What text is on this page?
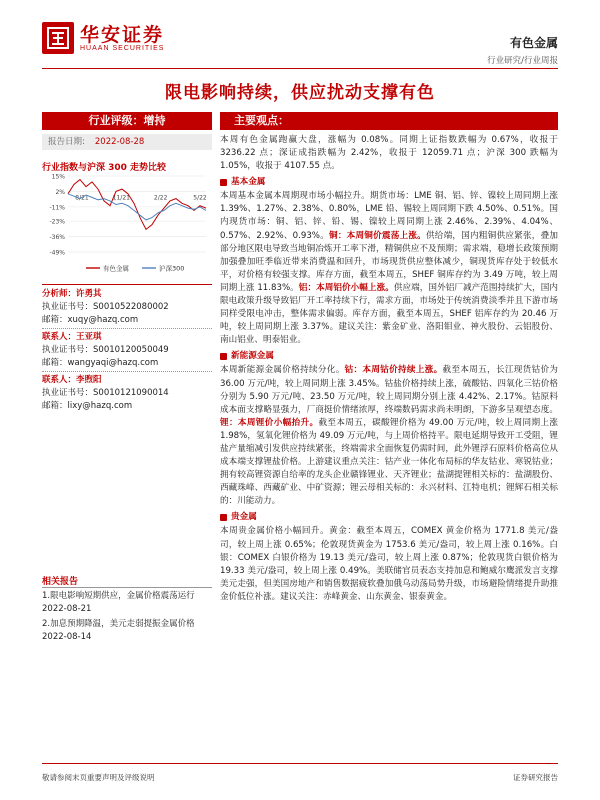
华安证券
HUAAN SECURITIES	有色金属
行业研究/行业周报
限电影响持续，供应扰动支撑有色
行业评级：增持
报告日期: 2022-08-28
行业指数与沪深 300 走势比较
15%
2%
-11%
-23%
-36%
-49%
8/21	11/21	2/22	5/22
有色金属	沪深300
分析师：许勇其
执业证书号：S0010522080002
邮箱：xuqy@hazq.com
联系人：王亚琪
执业证书号：S0010120050049
邮箱：wangyaqi@hazq.com
联系人：李煦阳
执业证书号：S0010121090014
邮箱：lixy@hazq.com
相关报告
1.限电影响短期供应，金属价格震荡运行 2022-08-21
2.加息预期降温，美元走弱提振金属价格 2022-08-14
主要观点：
本周有色金属跑赢大盘，涨幅为 0.08%。同期上证指数跌幅为 0.67%，收报于 3236.22 点；深证成指跌幅为 2.42%，收报于 12059.71 点；沪深 300 跌幅为 1.05%，收报于 4107.55 点。
基本金属
本周基本金属本周期现市场小幅拉升。期货市场：LME 铜、铝、锌、镍较上周同期上涨 1.39%、1.27%、2.38%、0.80%，LME 铅、锡较上周同期下跌 4.50%、0.51%。国内现货市场：铜、铝、锌、铅、锡、镍较上周同期上涨 2.46%、2.39%、4.04%、0.57%、2.92%、0.93%。铜：本周铜价震荡上涨。供给端，国内粗铜供应紧张，叠加部分地区限电导致当地铜冶炼开工率下滑，精铜供应不及预期；需求端，稳增长政策预期加强叠加旺季临近带来消费温和回升，市场现货供应整体减少，铜现货库存处于较低水平，对价格有较强支撑。库存方面，截至本周五，SHEF 铜库存约为 3.49 万吨，较上周同期上涨 11.83%。铝：本周铝价小幅上涨。供应端，国外铝厂减产范围持续扩大，国内限电政策升级导致铝厂开工率持续下行，需求方面，市场处于传统消费淡季并且下游市场同样受限电冲击，整体需求偏弱。库存方面，截至本周五，SHEF 铝库存约为 20.46 万吨，较上周同期上涨 3.37%。建议关注：紫金矿业、洛阳钼业、神火股份、云铝股份、南山铝业、明泰铝业。
新能源金属
本周新能源金属价格持续分化。钴：本周钴价持续上涨。截至本周五，长江现货钴价为 36.00 万元/吨，较上周同期上涨 3.45%。钴盐价格持续上涨，硫酸钴、四氧化三钴价格分别为 5.90 万元/吨、23.50 万元/吨，较上周同期分别上涨 4.42%、2.17%。钴原料成本面支撑略显强力，厂商挺价情绪浓厚，终端数码需求尚未明朗，下游多呈观望态度。锂：本周锂价小幅抬升。截至本周五，碳酸锂价格为 49.00 万元/吨，较上周同期上涨 1.98%，氢氧化锂价格为 49.09 万元/吨，与上周价格持平。限电延期导致开工受阻，锂盐产量缩减引发供应持续紧张，终端需求全面恢复仍需时间，此外锂浮石原料价格高位从成本端支撑锂盐价格。上游建议重点关注：钴产业一体化布局标的华友钴业、寒锐钴业；拥有较高锂资源自给率的龙头企业赣锋锂业、天齐锂业；盐湖提锂相关标的：盐湖股份、西藏珠峰、西藏矿业、中矿资源；锂云母相关标的：永兴材料、江特电机；锂辉石相关标的：川能动力。
贵金属
本周贵金属价格小幅回升。黄金：截至本周五，COMEX 黄金价格为 1771.8 美元/盎司，较上周上涨 0.65%；伦敦现货黄金为 1753.6 美元/盎司，较上周上涨 0.16%。白银：COMEX 白银价格为 19.13 美元/盎司，较上周上涨 0.87%；伦敦现货白银价格为 19.33 美元/盎司，较上周上涨 0.49%。美联储官员表态支持加息和鲍威尔鹰派发言支撑美元走强，但美国房地产和销售数据疲软叠加俄乌动荡局势升级，市场避险情绪提升助推金价低位补涨。建议关注：赤峰黄金、山东黄金、银泰黄金。
敬请参阅末页重要声明及评级说明	证券研究报告
